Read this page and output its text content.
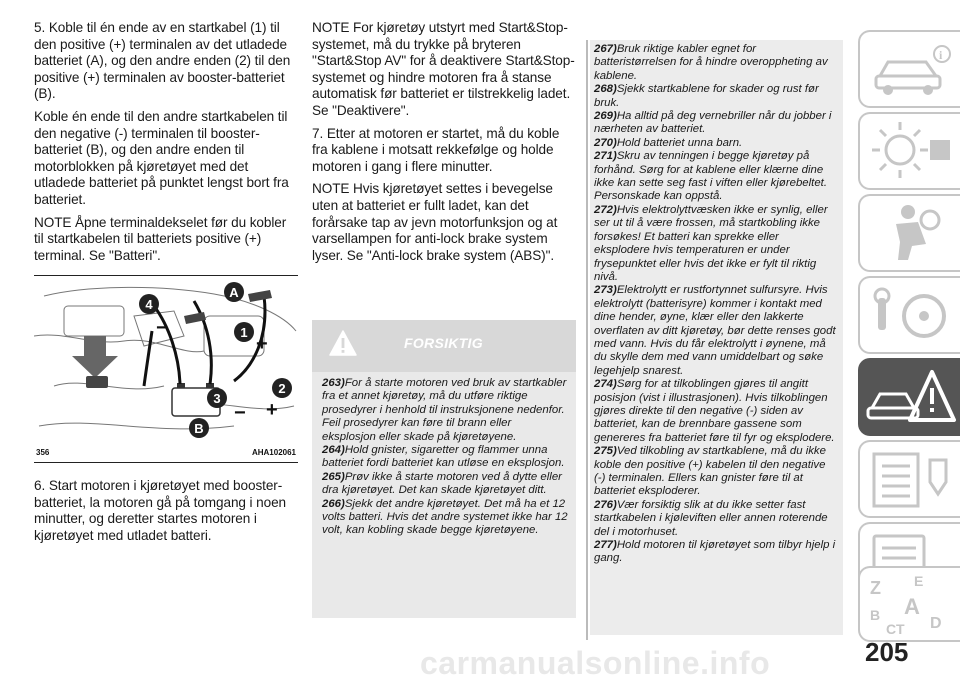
5. Koble til én ende av en startkabel (1) til den positive (+) terminalen av det utladede batteriet (A), og den andre enden (2) til den positive (+) terminalen av booster-batteriet (B).

Koble én ende til den andre startkabelen til den negative (-) terminalen til booster-batteriet (B), og den andre enden til motorblokken på kjøretøyet med det utladede batteriet på punktet lengst bort fra batteriet.

NOTE Åpne terminaldekselet før du kobler til startkabelen til batteriets positive (+) terminal. Se "Batteri".

4
A
1
3
2
B
+
+
−
−
356	AHA102061

6. Start motoren i kjøretøyet med booster-batteriet, la motoren gå på tomgang i noen minutter, og deretter startes motoren i kjøretøyet med utladet batteri.

NOTE For kjøretøy utstyrt med Start&Stop-systemet, må du trykke på bryteren "Start&Stop AV" for å deaktivere Start&Stop-systemet og hindre motoren fra å stanse automatisk før batteriet er tilstrekkelig ladet. Se "Deaktivere".

7. Etter at motoren er startet, må du koble fra kablene i motsatt rekkefølge og holde motoren i gang i flere minutter.

NOTE Hvis kjøretøyet settes i bevegelse uten at batteriet er fullt ladet, kan det forårsake tap av jevn motorfunksjon og at varsellampen for anti-lock brake system lyser. Se "Anti-lock brake system (ABS)".

FORSIKTIG
263)For å starte motoren ved bruk av startkabler fra et annet kjøretøy, må du utføre riktige prosedyrer i henhold til instruksjonene nedenfor. Feil prosedyrer kan føre til brann eller eksplosjon eller skade på kjøretøyene.
264)Hold gnister, sigaretter og flammer unna batteriet fordi batteriet kan utløse en eksplosjon.
265)Prøv ikke å starte motoren ved å dytte eller dra kjøretøyet. Det kan skade kjøretøyet ditt.
266)Sjekk det andre kjøretøyet. Det må ha et 12 volts batteri. Hvis det andre systemet ikke har 12 volt, kan kobling skade begge kjøretøyene.
267)Bruk riktige kabler egnet for batteristørrelsen for å hindre overoppheting av kablene.
268)Sjekk startkablene for skader og rust før bruk.
269)Ha alltid på deg vernebriller når du jobber i nærheten av batteriet.
270)Hold batteriet unna barn.
271)Skru av tenningen i begge kjøretøy på forhånd. Sørg for at kablene eller klærne dine ikke kan sette seg fast i viften eller kjørebeltet. Personskade kan oppstå.
272)Hvis elektrolyttvæsken ikke er synlig, eller ser ut til å være frossen, må startkobling ikke forsøkes! Et batteri kan sprekke eller eksplodere hvis temperaturen er under frysepunktet eller hvis det ikke er fylt til riktig nivå.
273)Elektrolytt er rustfortynnet sulfursyre. Hvis elektrolytt (batterisyre) kommer i kontakt med dine hender, øyne, klær eller den lakkerte overflaten av ditt kjøretøy, bør dette renses godt med vann. Hvis du får elektrolytt i øynene, må du skylle dem med vann umiddelbart og søke legehjelp snarest.
274)Sørg for at tilkoblingen gjøres til angitt posisjon (vist i illustrasjonen). Hvis tilkoblingen gjøres direkte til den negative (-) siden av batteriet, kan de brennbare gassene som genereres fra batteriet føre til fyr og eksplodere.
275)Ved tilkobling av startkablene, må du ikke koble den positive (+) kabelen til den negative (-) terminalen. Ellers kan gnister føre til at batteriet eksploderer.
276)Vær forsiktig slik at du ikke setter fast startkabelen i kjøleviften eller annen roterende del i motorhuset.
277)Hold motoren til kjøretøyet som tilbyr hjelp i gang.
i
Z E
B A
C T D
205
carmanualsonline.info
